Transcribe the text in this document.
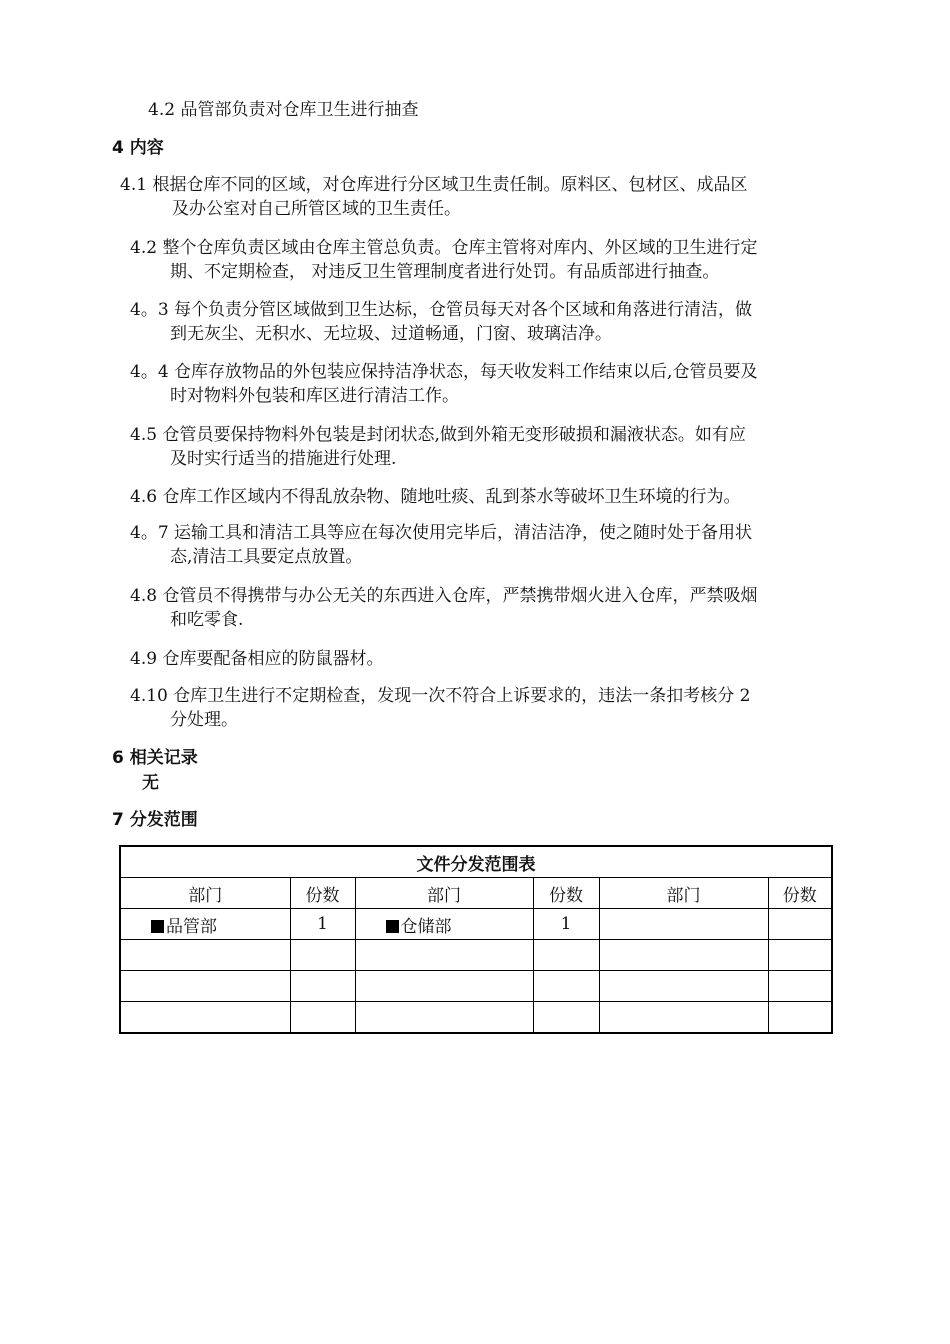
4.2 品管部负责对仓库卫生进行抽查
4 内容
4.1 根据仓库不同的区域，对仓库进行分区域卫生责任制。原料区、包材区、成品区
及办公室对自己所管区域的卫生责任。
4.2 整个仓库负责区域由仓库主管总负责。仓库主管将对库内、外区域的卫生进行定
期、不定期检查， 对违反卫生管理制度者进行处罚。有品质部进行抽查。
4。3 每个负责分管区域做到卫生达标，仓管员每天对各个区域和角落进行清洁，做
到无灰尘、无积水、无垃圾、过道畅通，门窗、玻璃洁净。
4。4 仓库存放物品的外包装应保持洁净状态，每天收发料工作结束以后,仓管员要及
时对物料外包装和库区进行清洁工作。
4.5 仓管员要保持物料外包装是封闭状态,做到外箱无变形破损和漏液状态。如有应
及时实行适当的措施进行处理.
4.6 仓库工作区域内不得乱放杂物、随地吐痰、乱到茶水等破坏卫生环境的行为。
4。7 运输工具和清洁工具等应在每次使用完毕后，清洁洁净，使之随时处于备用状
态,清洁工具要定点放置。
4.8 仓管员不得携带与办公无关的东西进入仓库，严禁携带烟火进入仓库，严禁吸烟
和吃零食.
4.9 仓库要配备相应的防鼠器材。
4.10 仓库卫生进行不定期检查，发现一次不符合上诉要求的，违法一条扣考核分 2
分处理。
6 相关记录
无
7 分发范围
文件分发范围表					
部门	份数	部门	份数	部门	份数
品管部	1	仓储部	1		
